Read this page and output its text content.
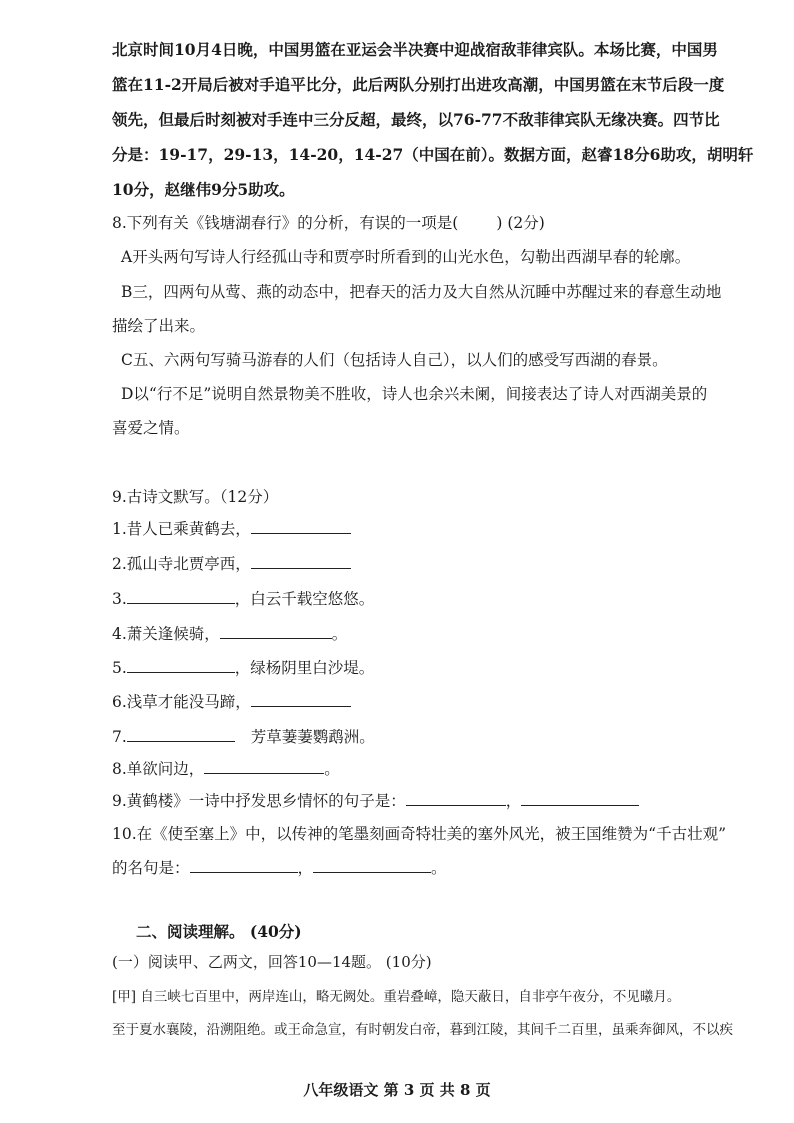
北京时间10月4日晚，中国男篮在亚运会半决赛中迎战宿敌菲律宾队。本场比赛，中国男
篮在11-2开局后被对手追平比分，此后两队分别打出进攻高潮，中国男篮在末节后段一度
领先，但最后时刻被对手连中三分反超，最终，以76-77不敌菲律宾队无缘决赛。四节比
分是：19-17，29-13，14-20，14-27（中国在前）。数据方面，赵睿18分6助攻，胡明轩
10分，赵继伟9分5助攻。
8.下列有关《钱塘湖春行》的分析，有误的一项是( ) (2分)
A开头两句写诗人行经孤山寺和贾亭时所看到的山光水色，勾勒出西湖早春的轮廓。
B三，四两句从莺、燕的动态中，把春天的活力及大自然从沉睡中苏醒过来的春意生动地
描绘了出来。
C五、六两句写骑马游春的人们（包括诗人自己），以人们的感受写西湖的春景。
D以“行不足”说明自然景物美不胜收，诗人也余兴未阑，间接表达了诗人对西湖美景的
喜爱之情。
9.古诗文默写。（12分）
1.昔人已乘黄鹤去，
2.孤山寺北贾亭西，
3.	，白云千载空悠悠。
4.萧关逢候骑，	。
5.	，绿杨阴里白沙堤。
6.浅草才能没马蹄，
7.	芳草萋萋鹦鹉洲。
8.单欲问边，	。
9.黄鹤楼》一诗中抒发思乡情怀的句子是：	，
10.在《使至塞上》中，以传神的笔墨刻画奇特壮美的塞外风光，被王国维赞为“千古壮观”
的名句是：	，	。
二、阅读理解。 (40分)
(一）阅读甲、乙两文，回答10—14题。 (10分)
[甲] 自三峡七百里中，两岸连山，略无阙处。重岩叠嶂，隐天蔽日，自非亭午夜分，不见曦月。
至于夏水襄陵，沿溯阻绝。或王命急宣，有时朝发白帝，暮到江陵，其间千二百里，虽乘奔御风，不以疾
八年级语文 第 3 页 共 8 页
